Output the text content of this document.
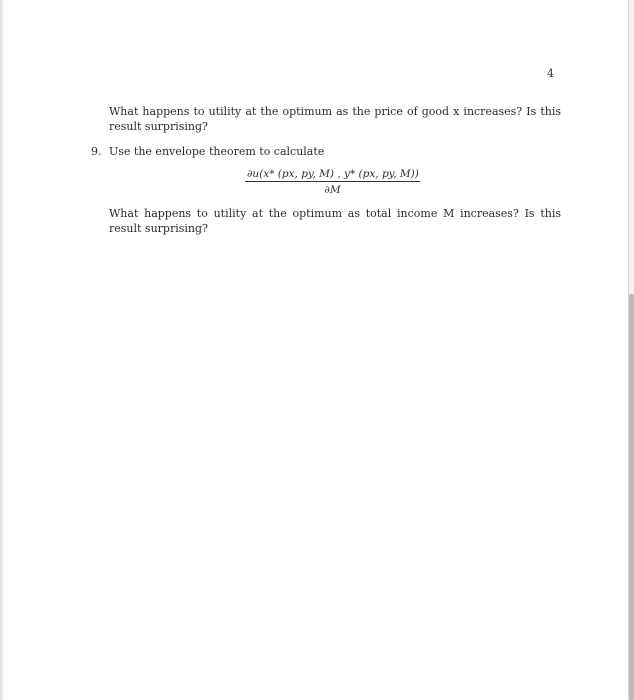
4
What happens to utility at the optimum as the price of good x increases? Is this result surprising?
9. Use the envelope theorem to calculate
∂u(x* (px, py, M) , y* (px, py, M))
∂M
What happens to utility at the optimum as total income M increases? Is this result surprising?
